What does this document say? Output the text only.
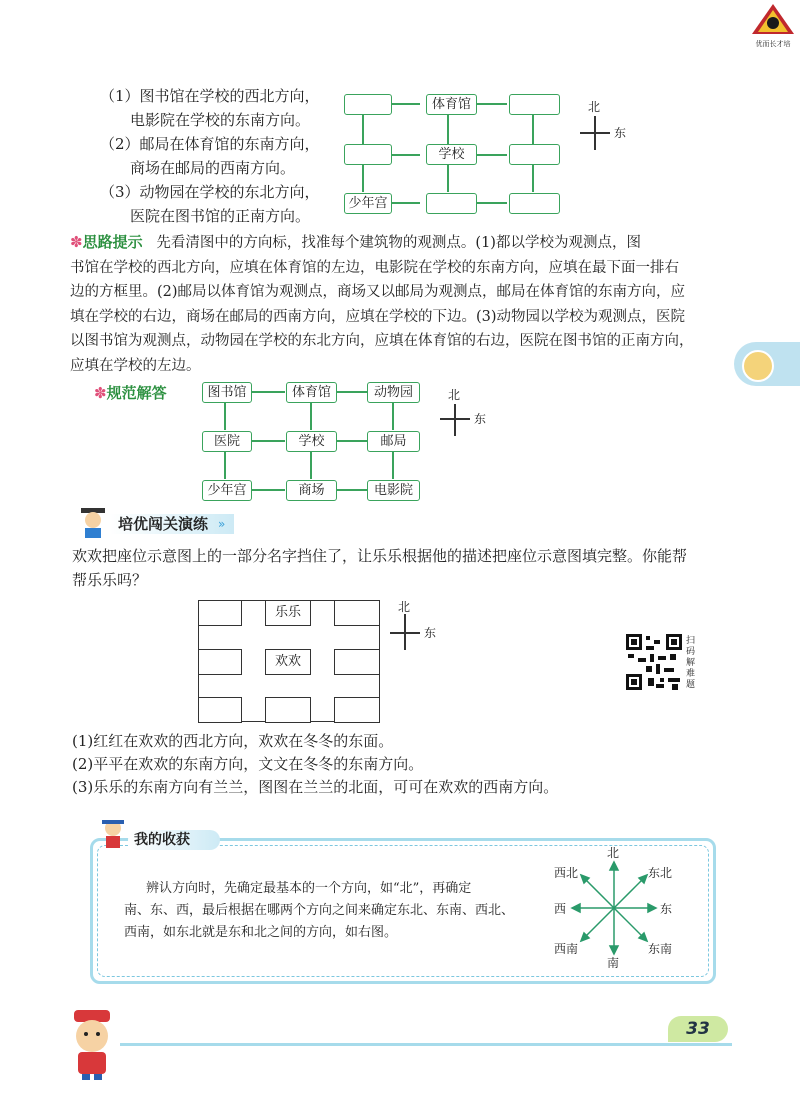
优而长才培
（1）图书馆在学校的西北方向，
电影院在学校的东南方向。
（2）邮局在体育馆的东南方向，
商场在邮局的西南方向。
（3）动物园在学校的东北方向，
医院在图书馆的正南方向。
体育馆
学校
少年宫
北
东
✽思路提示 先看清图中的方向标，找准每个建筑物的观测点。(1)都以学校为观测点，图
书馆在学校的西北方向，应填在体育馆的左边，电影院在学校的东南方向，应填在最下面一排右
边的方框里。(2)邮局以体育馆为观测点，商场又以邮局为观测点，邮局在体育馆的东南方向，应
填在学校的右边，商场在邮局的西南方向，应填在学校的下边。(3)动物园以学校为观测点，医院
以图书馆为观测点，动物园在学校的东北方向，应填在体育馆的右边，医院在图书馆的正南方向，
应填在学校的左边。
✽规范解答	图书馆	体育馆	动物园
医院	学校	邮局
少年宫	商场	电影院
北
东
培优闯关演练 »
欢欢把座位示意图上的一部分名字挡住了，让乐乐根据他的描述把座位示意图填完整。你能帮
帮乐乐吗？
乐乐
欢欢
北
东
扫码解难题
(1)红红在欢欢的西北方向，欢欢在冬冬的东面。
(2)平平在欢欢的东南方向，文文在冬冬的东南方向。
(3)乐乐的东南方向有兰兰，图图在兰兰的北面，可可在欢欢的西南方向。
我的收获
辨认方向时，先确定最基本的一个方向，如“北”，再确定
南、东、西，最后根据在哪两个方向之间来确定东北、东南、西北、
西南，如东北就是东和北之间的方向，如右图。
北
西北	东北
西	东
西南	东南
南
33
